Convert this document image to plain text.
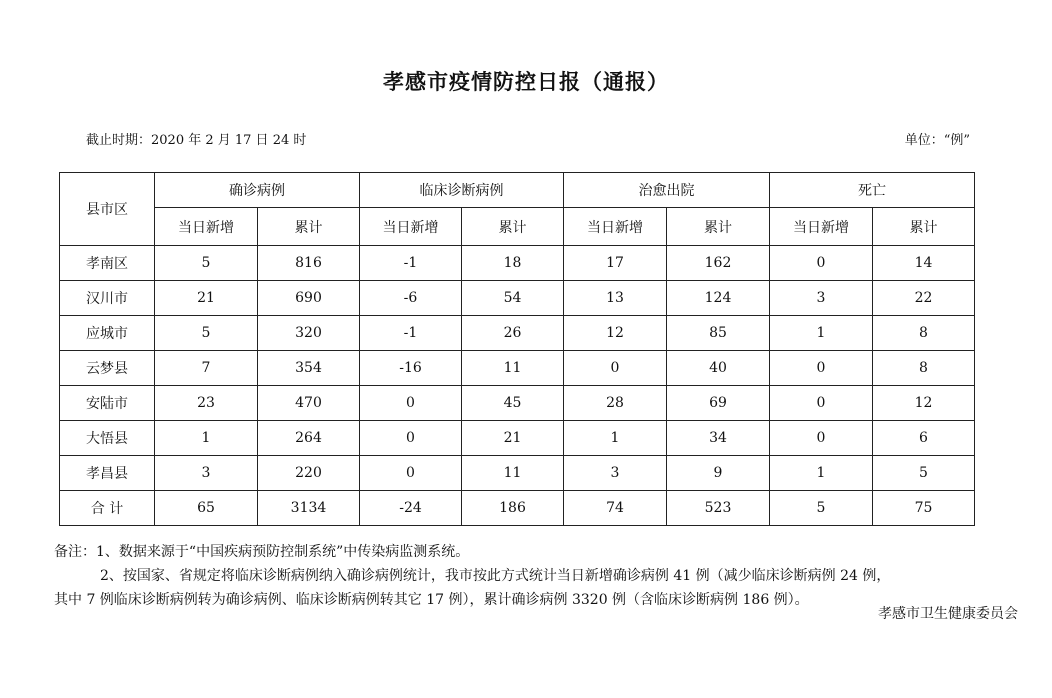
孝感市疫情防控日报（通报）
截止时期：2020 年 2 月 17 日 24 时	单位：“例”
县市区	确诊病例		临床诊断病例		治愈出院		死亡	
	当日新增	累计	当日新增	累计	当日新增	累计	当日新增	累计
孝南区	5	816	-1	18	17	162	0	14
汉川市	21	690	-6	54	13	124	3	22
应城市	5	320	-1	26	12	85	1	8
云梦县	7	354	-16	11	0	40	0	8
安陆市	23	470	0	45	28	69	0	12
大悟县	1	264	0	21	1	34	0	6
孝昌县	3	220	0	11	3	9	1	5
合 计	65	3134	-24	186	74	523	5	75

备注：1、数据来源于“中国疾病预防控制系统”中传染病监测系统。

2、按国家、省规定将临床诊断病例纳入确诊病例统计，我市按此方式统计当日新增确诊病例 41 例（减少临床诊断病例 24 例，

其中 7 例临床诊断病例转为确诊病例、临床诊断病例转其它 17 例），累计确诊病例 3320 例（含临床诊断病例 186 例）。

孝感市卫生健康委员会
